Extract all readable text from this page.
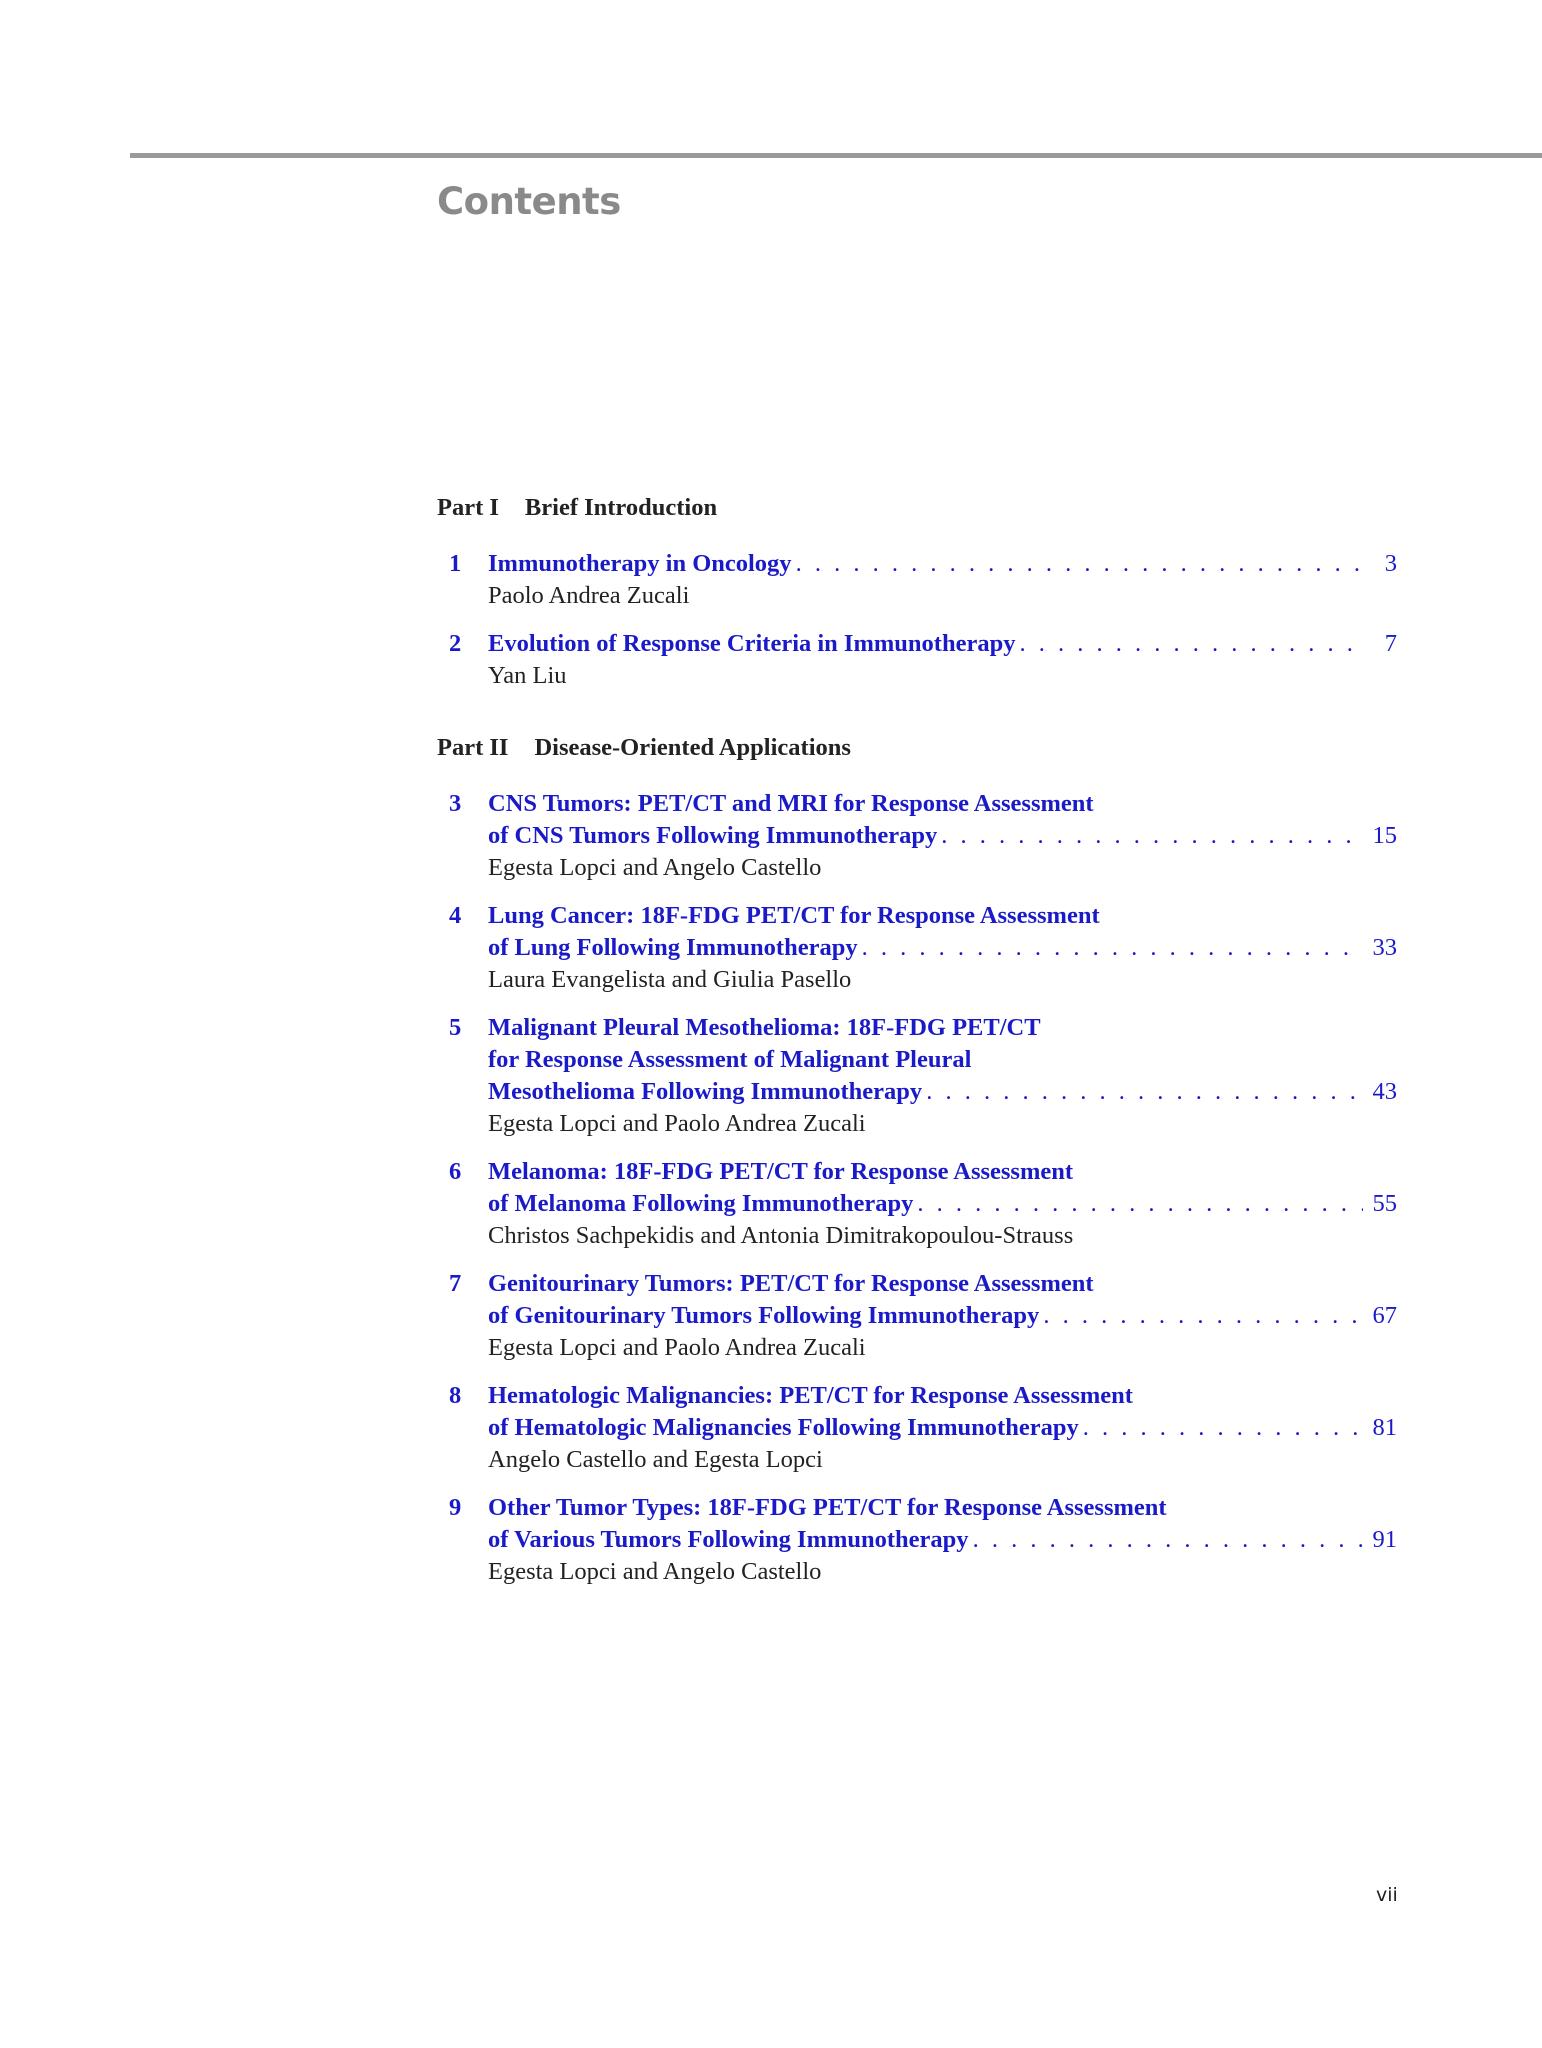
Contents
Part I Brief Introduction
1 Immunotherapy in Oncology . . .	3
Paolo Andrea Zucali
2 Evolution of Response Criteria in Immunotherapy . . .	7
Yan Liu
Part II Disease-Oriented Applications
3 CNS Tumors: PET/CT and MRI for Response Assessment
of CNS Tumors Following Immunotherapy . . .	15
Egesta Lopci and Angelo Castello
4 Lung Cancer: 18F-FDG PET/CT for Response Assessment
of Lung Following Immunotherapy . . .	33
Laura Evangelista and Giulia Pasello
5 Malignant Pleural Mesothelioma: 18F-FDG PET/CT
for Response Assessment of Malignant Pleural
Mesothelioma Following Immunotherapy . . .	43
Egesta Lopci and Paolo Andrea Zucali
6 Melanoma: 18F-FDG PET/CT for Response Assessment
of Melanoma Following Immunotherapy . . .	55
Christos Sachpekidis and Antonia Dimitrakopoulou-Strauss
7 Genitourinary Tumors: PET/CT for Response Assessment
of Genitourinary Tumors Following Immunotherapy . . .	67
Egesta Lopci and Paolo Andrea Zucali
8 Hematologic Malignancies: PET/CT for Response Assessment
of Hematologic Malignancies Following Immunotherapy . . .	81
Angelo Castello and Egesta Lopci
9 Other Tumor Types: 18F-FDG PET/CT for Response Assessment
of Various Tumors Following Immunotherapy . . .	91
Egesta Lopci and Angelo Castello
vii
